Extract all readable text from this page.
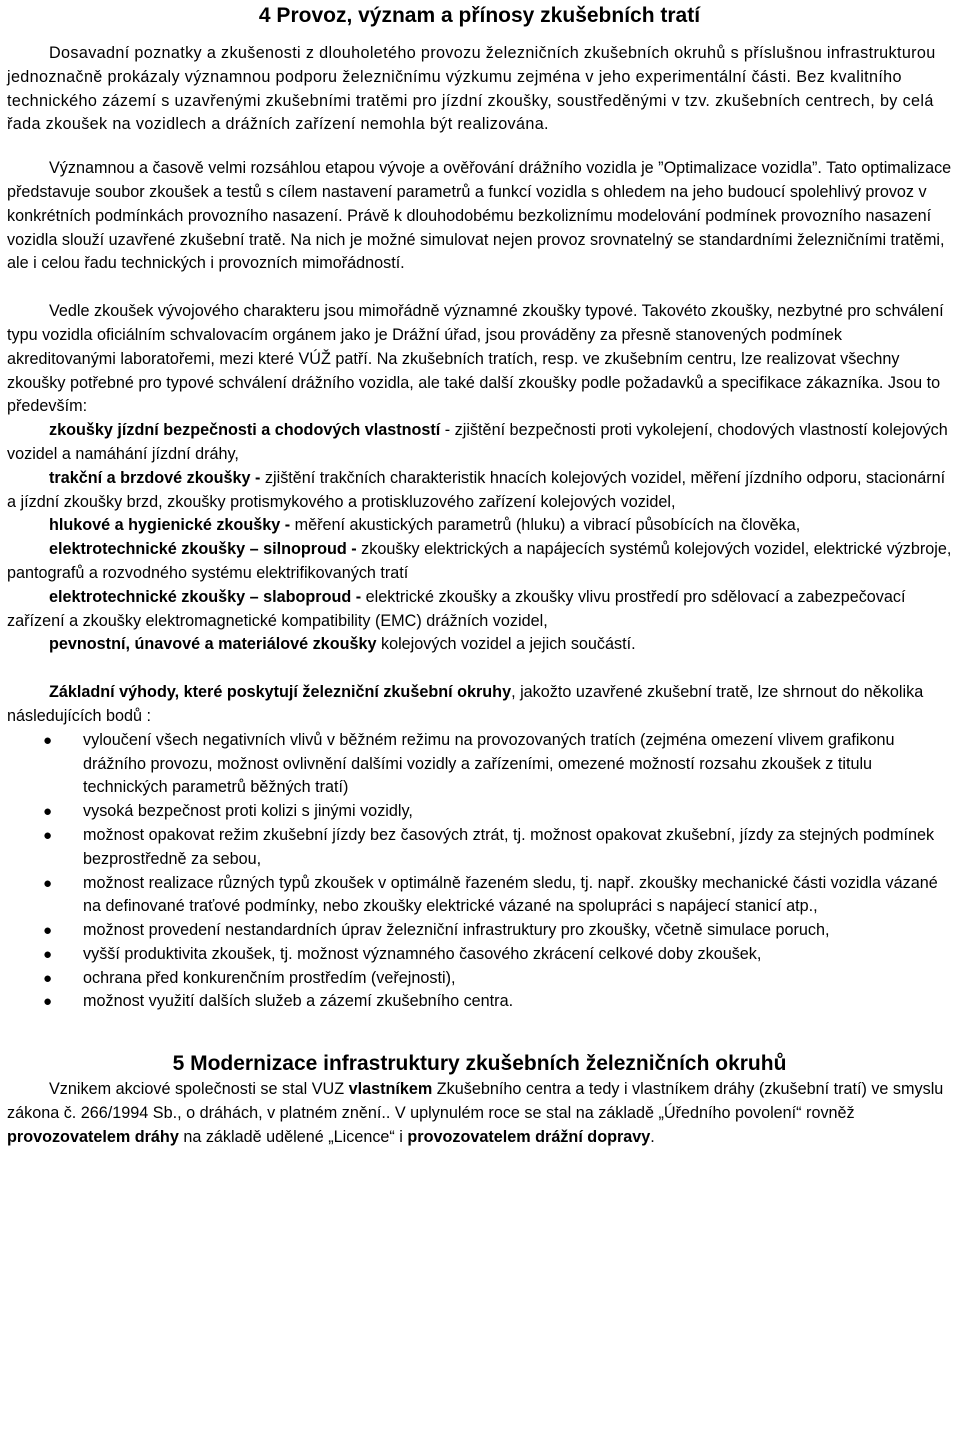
4 Provoz, význam a přínosy zkušebních tratí

Dosavadní poznatky a zkušenosti z dlouholetého provozu železničních zkušebních okruhů s příslušnou infrastrukturou jednoznačně prokázaly významnou podporu železničnímu výzkumu zejména v jeho experimentální části. Bez kvalitního technického zázemí s uzavřenými zkušebními tratěmi pro jízdní zkoušky, soustředěnými v tzv. zkušebních centrech, by celá řada zkoušek na vozidlech a drážních zařízení nemohla být realizována.

Významnou a časově velmi rozsáhlou etapou vývoje a ověřování drážního vozidla je ”Optimalizace vozidla”. Tato optimalizace představuje soubor zkoušek a testů s cílem nastavení parametrů a funkcí vozidla s ohledem na jeho budoucí spolehlivý provoz v konkrétních podmínkách provozního nasazení. Právě k dlouhodobému bezkoliznímu modelování podmínek provozního nasazení vozidla slouží uzavřené zkušební tratě. Na nich je možné simulovat nejen provoz srovnatelný se standardními železničními tratěmi, ale i celou řadu technických i provozních mimořádností.

Vedle zkoušek vývojového charakteru jsou mimořádně významné zkoušky typové. Takovéto zkoušky, nezbytné pro schválení typu vozidla oficiálním schvalovacím orgánem jako je Drážní úřad, jsou prováděny za přesně stanovených podmínek akreditovanými laboratořemi, mezi které VÚŽ patří. Na zkušebních tratích, resp. ve zkušebním centru, lze realizovat všechny zkoušky potřebné pro typové schválení drážního vozidla, ale také další zkoušky podle požadavků a specifikace zákazníka. Jsou to především:

zkoušky jízdní bezpečnosti a chodových vlastností - zjištění bezpečnosti proti vykolejení, chodových vlastností kolejových vozidel a namáhání jízdní dráhy,

trakční a brzdové zkoušky - zjištění trakčních charakteristik hnacích kolejových vozidel, měření jízdního odporu, stacionární a jízdní zkoušky brzd, zkoušky protismykového a protiskluzového zařízení kolejových vozidel,

hlukové a hygienické zkoušky - měření akustických parametrů (hluku) a vibrací působících na člověka,

elektrotechnické zkoušky – silnoproud - zkoušky elektrických a napájecích systémů kolejových vozidel, elektrické výzbroje, pantografů a rozvodného systému elektrifikovaných tratí

elektrotechnické zkoušky – slaboproud - elektrické zkoušky a zkoušky vlivu prostředí pro sdělovací a zabezpečovací zařízení a zkoušky elektromagnetické kompatibility (EMC) drážních vozidel,

pevnostní, únavové a materiálové zkoušky kolejových vozidel a jejich součástí.

Základní výhody, které poskytují železniční zkušební okruhy, jakožto uzavřené zkušební tratě, lze shrnout do několika následujících bodů :

● vyloučení všech negativních vlivů v běžném režimu na provozovaných tratích (zejména omezení vlivem grafikonu drážního provozu, možnost ovlivnění dalšími vozidly a zařízeními, omezené možností rozsahu zkoušek z titulu technických parametrů běžných tratí)
● vysoká bezpečnost proti kolizi s jinými vozidly,
● možnost opakovat režim zkušební jízdy bez časových ztrát, tj. možnost opakovat zkušební, jízdy za stejných podmínek bezprostředně za sebou,
● možnost realizace různých typů zkoušek v optimálně řazeném sledu, tj. např. zkoušky mechanické části vozidla vázané na definované traťové podmínky, nebo zkoušky elektrické vázané na spolupráci s napájecí stanicí atp.,
● možnost provedení nestandardních úprav železniční infrastruktury pro zkoušky, včetně simulace poruch,
● vyšší produktivita zkoušek, tj. možnost významného časového zkrácení celkové doby zkoušek,
● ochrana před konkurenčním prostředím (veřejnosti),
● možnost využití dalších služeb a zázemí zkušebního centra.
5 Modernizace infrastruktury zkušebních železničních okruhů

Vznikem akciové společnosti se stal VUZ vlastníkem Zkušebního centra a tedy i vlastníkem dráhy (zkušební tratí) ve smyslu zákona č. 266/1994 Sb., o dráhách, v platném znění.. V uplynulém roce se stal na základě „Úředního povolení“ rovněž provozovatelem dráhy na základě udělené „Licence“ i provozovatelem drážní dopravy.
